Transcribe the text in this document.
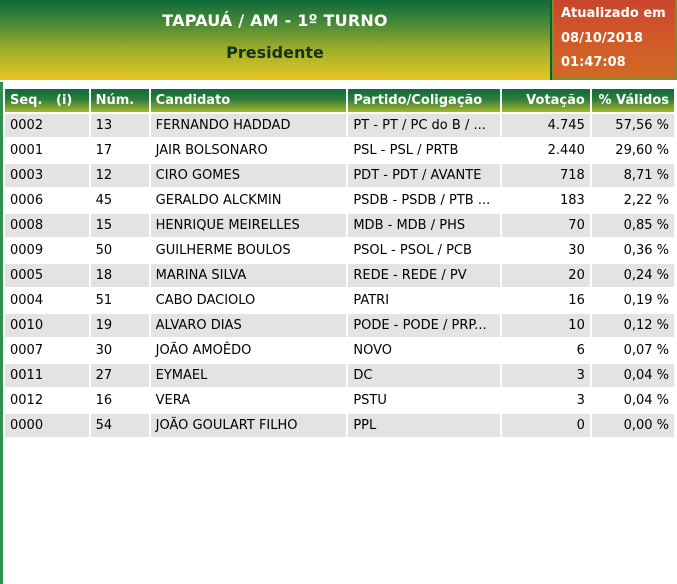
TAPAUÁ / AM - 1º TURNO
Presidente
Atualizado em
08/10/2018
01:47:08
Seq.   (i)	Núm.	Candidato	Partido/Coligação	Votação	% Válidos
0002	13	FERNANDO HADDAD	PT - PT / PC do B / ...	4.745	57,56 %
0001	17	JAIR BOLSONARO	PSL - PSL / PRTB	2.440	29,60 %
0003	12	CIRO GOMES	PDT - PDT / AVANTE	718	8,71 %
0006	45	GERALDO ALCKMIN	PSDB - PSDB / PTB ...	183	2,22 %
0008	15	HENRIQUE MEIRELLES	MDB - MDB / PHS	70	0,85 %
0009	50	GUILHERME BOULOS	PSOL - PSOL / PCB	30	0,36 %
0005	18	MARINA SILVA	REDE - REDE / PV	20	0,24 %
0004	51	CABO DACIOLO	PATRI	16	0,19 %
0010	19	ALVARO DIAS	PODE - PODE / PRP...	10	0,12 %
0007	30	JOÃO AMOÊDO	NOVO	6	0,07 %
0011	27	EYMAEL	DC	3	0,04 %
0012	16	VERA	PSTU	3	0,04 %
0000	54	JOÃO GOULART FILHO	PPL	0	0,00 %
